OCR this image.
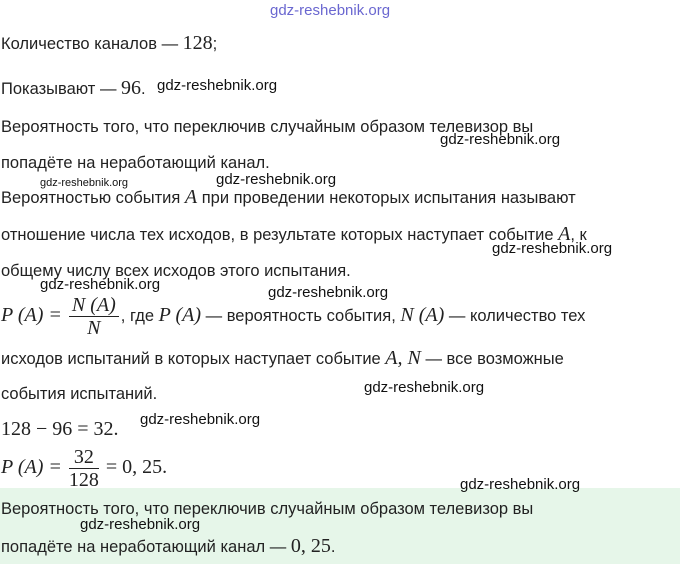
gdz-reshebnik.org
Количество каналов — 128;
Показывают — 96. gdz-reshebnik.org
Вероятность того, что переключив случайным образом телевизор вы
gdz-reshebnik.org
попадёте на неработающий канал.
gdz-reshebnik.org	gdz-reshebnik.org
Вероятностью события A при проведении некоторых испытания называют
отношение числа тех исходов, в результате которых наступает событие A, к
gdz-reshebnik.org
общему числу всех исходов этого испытания.
gdz-reshebnik.org	gdz-reshebnik.org
P $(A) = \frac{N (A)}{N}$ , где P (A) — вероятность события, N (A) — количество тех
исходов испытаний в которых наступает событие A, N — все возможные
gdz-reshebnik.org
события испытаний.
128 − 96 = 32. gdz-reshebnik.org
P $(A) = \frac{32}{128} = 0$, 25.
gdz-reshebnik.org
Вероятность того, что переключив случайным образом телевизор вы
gdz-reshebnik.org
попадёте на неработающий канал — 0, 25.
